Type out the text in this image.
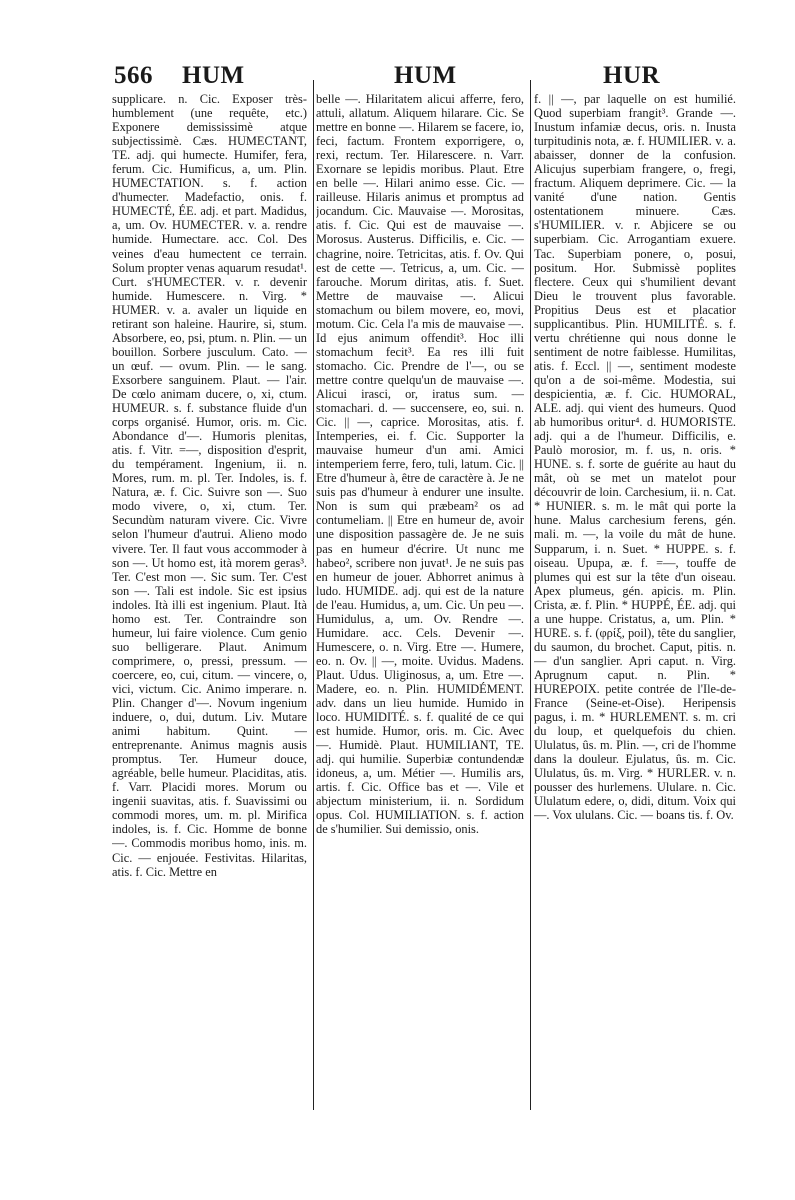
566 HUM	HUM	HUR

supplicare. n. Cic. Exposer très-humblement (une requête, etc.) Exponere demississimè atque subjectissimè. Cæs. HUMECTANT, TE. adj. qui humecte. Humifer, fera, ferum. Cic. Humificus, a, um. Plin. HUMECTATION. s. f. action d'humecter. Madefactio, onis. f. HUMECTÉ, ÉE. adj. et part. Madidus, a, um. Ov. HUMECTER. v. a. rendre humide. Humectare. acc. Col. Des veines d'eau humectent ce terrain. Solum propter venas aquarum resudat¹. Curt. s'HUMECTER. v. r. devenir humide. Humescere. n. Virg. * HUMER. v. a. avaler un liquide en retirant son haleine. Haurire, si, stum. Absorbere, eo, psi, ptum. n. Plin. — un bouillon. Sorbere jusculum. Cato. — un œuf. — ovum. Plin. — le sang. Exsorbere sanguinem. Plaut. — l'air. De cœlo animam ducere, o, xi, ctum. HUMEUR. s. f. substance fluide d'un corps organisé. Humor, oris. m. Cic. Abondance d'—. Humoris plenitas, atis. f. Vitr. =—, disposition d'esprit, du tempérament. Ingenium, ii. n. Mores, rum. m. pl. Ter. Indoles, is. f. Natura, æ. f. Cic. Suivre son —. Suo modo vivere, o, xi, ctum. Ter. Secundùm naturam vivere. Cic. Vivre selon l'humeur d'autrui. Alieno modo vivere. Ter. Il faut vous accommoder à son —. Ut homo est, ità morem geras³. Ter. C'est mon —. Sic sum. Ter. C'est son —. Tali est indole. Sic est ipsius indoles. Ità illi est ingenium. Plaut. Ità homo est. Ter. Contraindre son humeur, lui faire violence. Cum genio suo belligerare. Plaut. Animum comprimere, o, pressi, pressum. — coercere, eo, cui, citum. — vincere, o, vici, victum. Cic. Animo imperare. n. Plin. Changer d'—. Novum ingenium induere, o, dui, dutum. Liv. Mutare animi habitum. Quint. — entreprenante. Animus magnis ausis promptus. Ter. Humeur douce, agréable, belle humeur. Placiditas, atis. f. Varr. Placidi mores. Morum ou ingenii suavitas, atis. f. Suavissimi ou commodi mores, um. m. pl. Mirifica indoles, is. f. Cic. Homme de bonne —. Commodis moribus homo, inis. m. Cic. — enjouée. Festivitas. Hilaritas, atis. f. Cic. Mettre en

belle —. Hilaritatem alicui afferre, fero, attuli, allatum. Aliquem hilarare. Cic. Se mettre en bonne —. Hilarem se facere, io, feci, factum. Frontem exporrigere, o, rexi, rectum. Ter. Hilarescere. n. Varr. Exornare se lepidis moribus. Plaut. Etre en belle —. Hilari animo esse. Cic. — railleuse. Hilaris animus et promptus ad jocandum. Cic. Mauvaise —. Morositas, atis. f. Cic. Qui est de mauvaise —. Morosus. Austerus. Difficilis, e. Cic. — chagrine, noire. Tetricitas, atis. f. Ov. Qui est de cette —. Tetricus, a, um. Cic. — farouche. Morum diritas, atis. f. Suet. Mettre de mauvaise —. Alicui stomachum ou bilem movere, eo, movi, motum. Cic. Cela l'a mis de mauvaise —. Id ejus animum offendit³. Hoc illi stomachum fecit³. Ea res illi fuit stomacho. Cic. Prendre de l'—, ou se mettre contre quelqu'un de mauvaise —. Alicui irasci, or, iratus sum. — stomachari. d. — succensere, eo, sui. n. Cic. || —, caprice. Morositas, atis. f. Intemperies, ei. f. Cic. Supporter la mauvaise humeur d'un ami. Amici intemperiem ferre, fero, tuli, latum. Cic. || Etre d'humeur à, être de caractère à. Je ne suis pas d'humeur à endurer une insulte. Non is sum qui præbeam² os ad contumeliam. || Etre en humeur de, avoir une disposition passagère de. Je ne suis pas en humeur d'écrire. Ut nunc me habeo², scribere non juvat¹. Je ne suis pas en humeur de jouer. Abhorret animus à ludo. HUMIDE. adj. qui est de la nature de l'eau. Humidus, a, um. Cic. Un peu —. Humidulus, a, um. Ov. Rendre —. Humidare. acc. Cels. Devenir —. Humescere, o. n. Virg. Etre —. Humere, eo. n. Ov. || —, moite. Uvidus. Madens. Plaut. Udus. Uliginosus, a, um. Etre —. Madere, eo. n. Plin. HUMIDÉMENT. adv. dans un lieu humide. Humido in loco. HUMIDITÉ. s. f. qualité de ce qui est humide. Humor, oris. m. Cic. Avec —. Humidè. Plaut. HUMILIANT, TE. adj. qui humilie. Superbiæ contundendæ idoneus, a, um. Métier —. Humilis ars, artis. f. Cic. Office bas et —. Vile et abjectum ministerium, ii. n. Sordidum opus. Col. HUMILIATION. s. f. action de s'humilier. Sui demissio, onis.

f. || —, par laquelle on est humilié. Quod superbiam frangit³. Grande —. Inustum infamiæ decus, oris. n. Inusta turpitudinis nota, æ. f. HUMILIER. v. a. abaisser, donner de la confusion. Alicujus superbiam frangere, o, fregi, fractum. Aliquem deprimere. Cic. — la vanité d'une nation. Gentis ostentationem minuere. Cæs. s'HUMILIER. v. r. Abjicere se ou superbiam. Cic. Arrogantiam exuere. Tac. Superbiam ponere, o, posui, positum. Hor. Submissè poplites flectere. Ceux qui s'humilient devant Dieu le trouvent plus favorable. Propitius Deus est et placatior supplicantibus. Plin. HUMILITÉ. s. f. vertu chrétienne qui nous donne le sentiment de notre faiblesse. Humilitas, atis. f. Eccl. || —, sentiment modeste qu'on a de soi-même. Modestia, sui despicientia, æ. f. Cic. HUMORAL, ALE. adj. qui vient des humeurs. Quod ab humoribus oritur⁴. d. HUMORISTE. adj. qui a de l'humeur. Difficilis, e. Paulò morosior, m. f. us, n. oris. * HUNE. s. f. sorte de guérite au haut du mât, où se met un matelot pour découvrir de loin. Carchesium, ii. n. Cat. * HUNIER. s. m. le mât qui porte la hune. Malus carchesium ferens, gén. mali. m. —, la voile du mât de hune. Supparum, i. n. Suet. * HUPPE. s. f. oiseau. Upupa, æ. f. =—, touffe de plumes qui est sur la tête d'un oiseau. Apex plumeus, gén. apicis. m. Plin. Crista, æ. f. Plin. * HUPPÉ, ÉE. adj. qui a une huppe. Cristatus, a, um. Plin. * HURE. s. f. (φρίξ, poil), tête du sanglier, du saumon, du brochet. Caput, pitis. n. — d'un sanglier. Apri caput. n. Virg. Aprugnum caput. n. Plin. * HUREPOIX. petite contrée de l'Ile-de-France (Seine-et-Oise). Heripensis pagus, i. m. * HURLEMENT. s. m. cri du loup, et quelquefois du chien. Ululatus, ûs. m. Plin. —, cri de l'homme dans la douleur. Ejulatus, ûs. m. Cic. Ululatus, ûs. m. Virg. * HURLER. v. n. pousser des hurlemens. Ululare. n. Cic. Ululatum edere, o, didi, ditum. Voix qui —. Vox ululans. Cic. — boans tis. f. Ov.
